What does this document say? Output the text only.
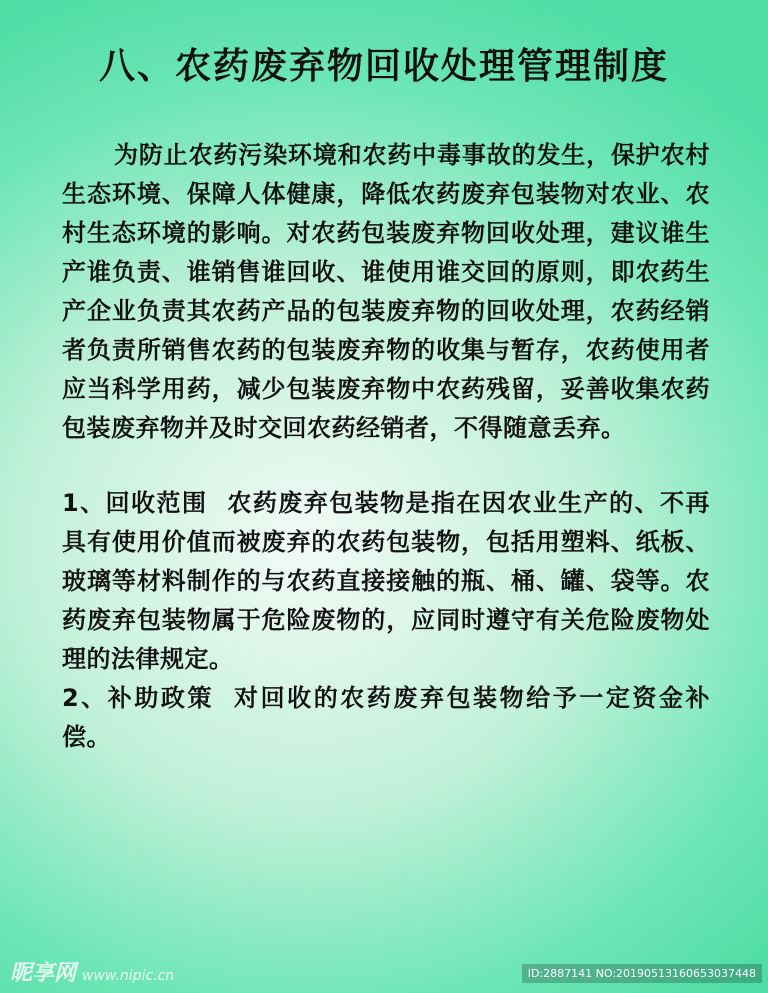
八、农药废弃物回收处理管理制度

为防止农药污染环境和农药中毒事故的发生，保护农村生态环境、保障人体健康，降低农药废弃包装物对农业、农村生态环境的影响。对农药包装废弃物回收处理，建议谁生产谁负责、谁销售谁回收、谁使用谁交回的原则，即农药生产企业负责其农药产品的包装废弃物的回收处理，农药经销者负责所销售农药的包装废弃物的收集与暂存，农药使用者应当科学用药，减少包装废弃物中农药残留，妥善收集农药包装废弃物并及时交回农药经销者，不得随意丢弃。

1、回收范围 农药废弃包装物是指在因农业生产的、不再具有使用价值而被废弃的农药包装物，包括用塑料、纸板、玻璃等材料制作的与农药直接接触的瓶、桶、罐、袋等。农药废弃包装物属于危险废物的，应同时遵守有关危险废物处理的法律规定。

2、补助政策 对回收的农药废弃包装物给予一定资金补偿。

昵享网 www.nipic.cn	ID:2887141 NO:20190513160653037448
